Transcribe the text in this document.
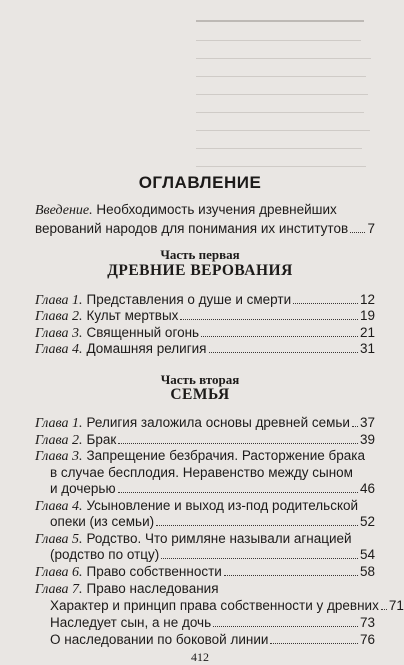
ОГЛАВЛЕНИЕ
Введение. Необходимость изучения древнейших
верований народов для понимания их институтов 7
Часть первая
ДРЕВНИЕ ВЕРОВАНИЯ
Глава 1. Представления о душе и смерти	12
Глава 2. Культ мертвых	19
Глава 3. Священный огонь	21
Глава 4. Домашняя религия	31
Часть вторая
СЕМЬЯ
Глава 1. Религия заложила основы древней семьи 37
Глава 2. Брак	39
Глава 3. Запрещение безбрачия. Расторжение брака
в случае бесплодия. Неравенство между сыном
и дочерью	46
Глава 4. Усыновление и выход из-под родительской
опеки (из семьи)	52
Глава 5. Родство. Что римляне называли агнацией
(родство по отцу)	54
Глава 6. Право собственности	58
Глава 7. Право наследования
412
Характер и принцип права собственности у древних 71
Наследует сын, а не дочь	73
О наследовании по боковой линии	76
